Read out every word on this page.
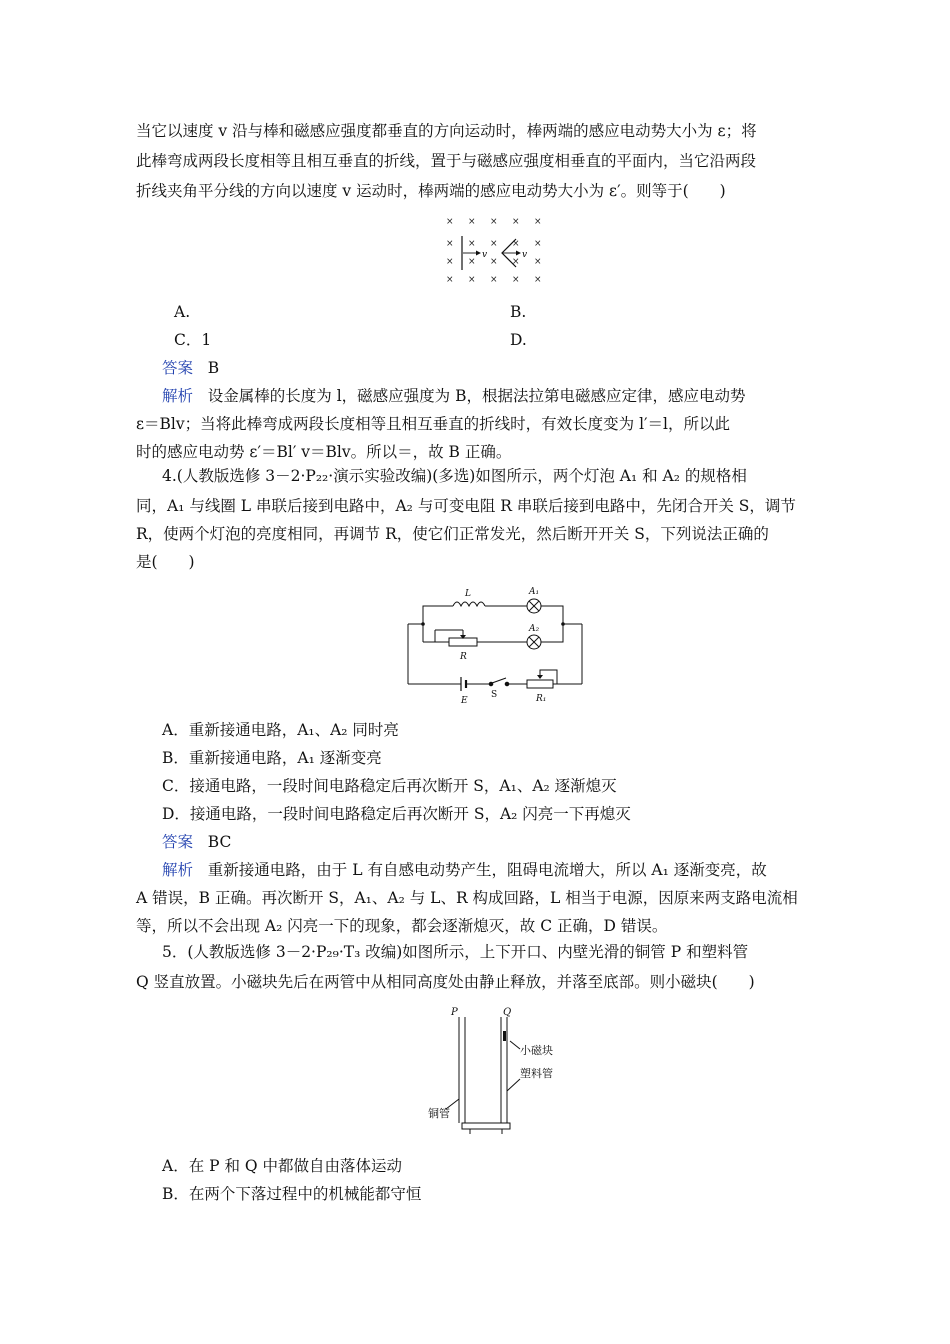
当它以速度 v 沿与棒和磁感应强度都垂直的方向运动时，棒两端的感应电动势大小为 ε；将
此棒弯成两段长度相等且相互垂直的折线，置于与磁感应强度相垂直的平面内，当它沿两段
折线夹角平分线的方向以速度 v 运动时，棒两端的感应电动势大小为 ε′。则等于(　　)
× × × × ×
× × × × ×
× × × × ×
× × × × ×
v	v
A.	B.
C．1	D.
答案 B
解析 设金属棒的长度为 l，磁感应强度为 B，根据法拉第电磁感应定律，感应电动势
ε＝Blv；当将此棒弯成两段长度相等且相互垂直的折线时，有效长度变为 l′＝l，所以此
时的感应电动势 ε′＝Bl′ v＝Blv。所以＝，故 B 正确。
4.(人教版选修 3－2·P₂₂·演示实验改编)(多选)如图所示，两个灯泡 A₁ 和 A₂ 的规格相
同，A₁ 与线圈 L 串联后接到电路中，A₂ 与可变电阻 R 串联后接到电路中，先闭合开关 S，调节
R，使两个灯泡的亮度相同，再调节 R，使它们正常发光，然后断开开关 S，下列说法正确的
是(　　)
L	A₁
A₂
R
E	R₁
S
A．重新接通电路，A₁、A₂ 同时亮
B．重新接通电路，A₁ 逐渐变亮
C．接通电路，一段时间电路稳定后再次断开 S，A₁、A₂ 逐渐熄灭
D．接通电路，一段时间电路稳定后再次断开 S，A₂ 闪亮一下再熄灭
答案 BC
解析 重新接通电路，由于 L 有自感电动势产生，阻碍电流增大，所以 A₁ 逐渐变亮，故
A 错误，B 正确。再次断开 S，A₁、A₂ 与 L、R 构成回路，L 相当于电源，因原来两支路电流相
等，所以不会出现 A₂ 闪亮一下的现象，都会逐渐熄灭，故 C 正确，D 错误。
5．(人教版选修 3－2·P₂₉·T₃ 改编)如图所示，上下开口、内壁光滑的铜管 P 和塑料管
Q 竖直放置。小磁块先后在两管中从相同高度处由静止释放，并落至底部。则小磁块(　　)
P	Q
小磁块
塑料管
铜管
A．在 P 和 Q 中都做自由落体运动
B．在两个下落过程中的机械能都守恒
